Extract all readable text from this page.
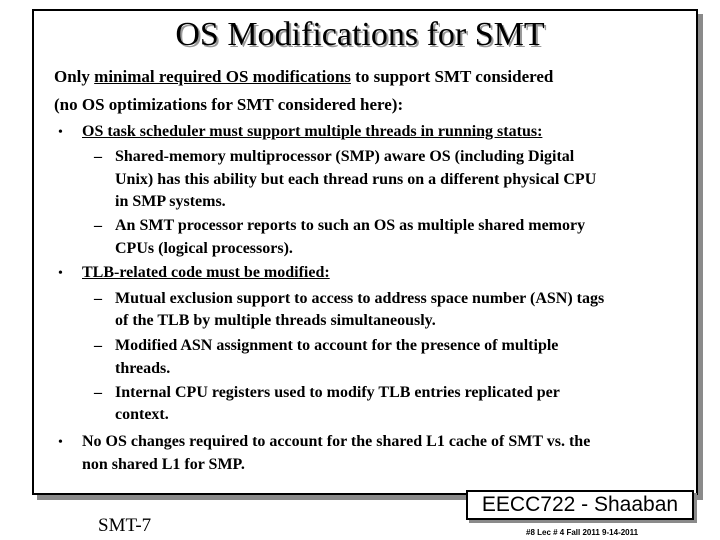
OS Modifications for SMT
Only minimal required OS modifications to support SMT considered
(no OS optimizations for SMT considered here):
• OS task scheduler must support multiple threads in running status:
– Shared-memory multiprocessor (SMP) aware OS (including Digital
Unix) has this ability but each thread runs on a different physical CPU
in SMP systems.
– An SMT processor reports to such an OS as multiple shared memory
CPUs (logical processors).
• TLB-related code must be modified:
– Mutual exclusion support to access to address space number (ASN) tags
of the TLB by multiple threads simultaneously.
– Modified ASN assignment to account for the presence of multiple
threads.
– Internal CPU registers used to modify TLB entries replicated per
context.
• No OS changes required to account for the shared L1 cache of SMT vs. the
non shared L1 for SMP.
EECC722 - Shaaban
SMT-7	#8 Lec # 4 Fall 2011 9-14-2011
